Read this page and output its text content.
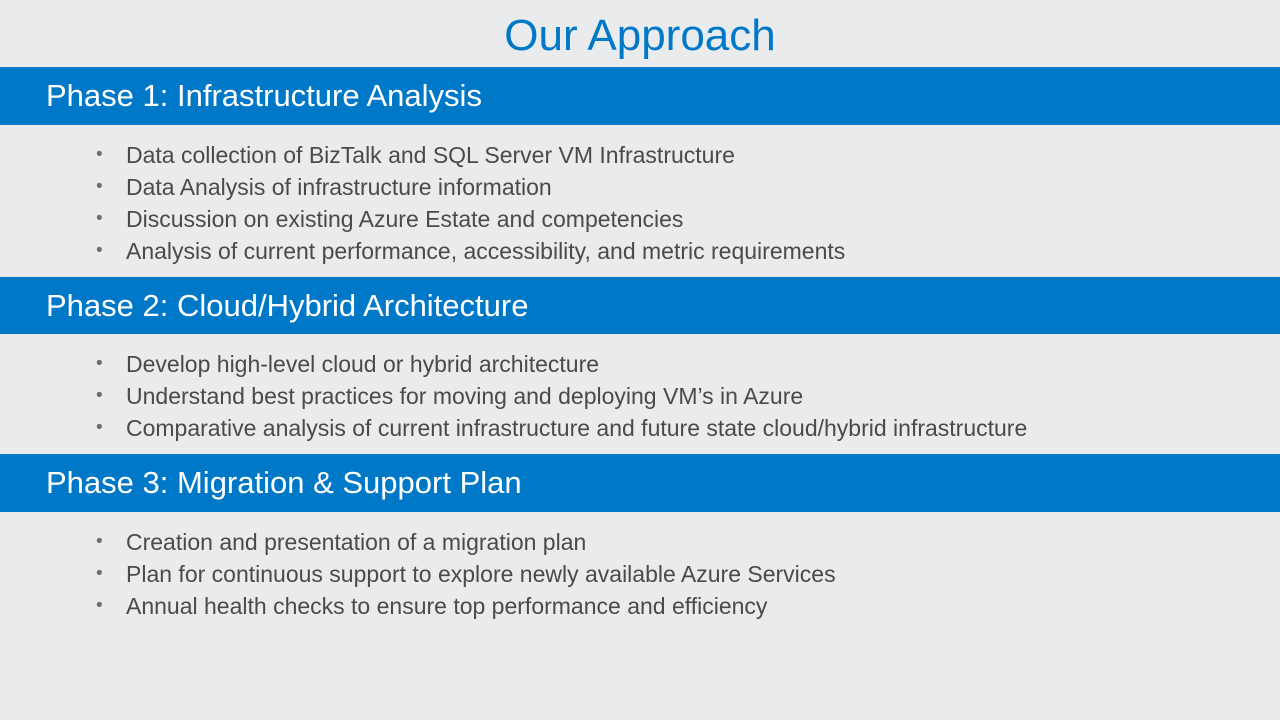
Our Approach
Phase 1: Infrastructure Analysis
• Data collection of BizTalk and SQL Server VM Infrastructure
• Data Analysis of infrastructure information
• Discussion on existing Azure Estate and competencies
• Analysis of current performance, accessibility, and metric requirements
Phase 2: Cloud/Hybrid Architecture
• Develop high-level cloud or hybrid architecture
• Understand best practices for moving and deploying VM’s in Azure
• Comparative analysis of current infrastructure and future state cloud/hybrid infrastructure
Phase 3: Migration & Support Plan
• Creation and presentation of a migration plan
• Plan for continuous support to explore newly available Azure Services
• Annual health checks to ensure top performance and efficiency
